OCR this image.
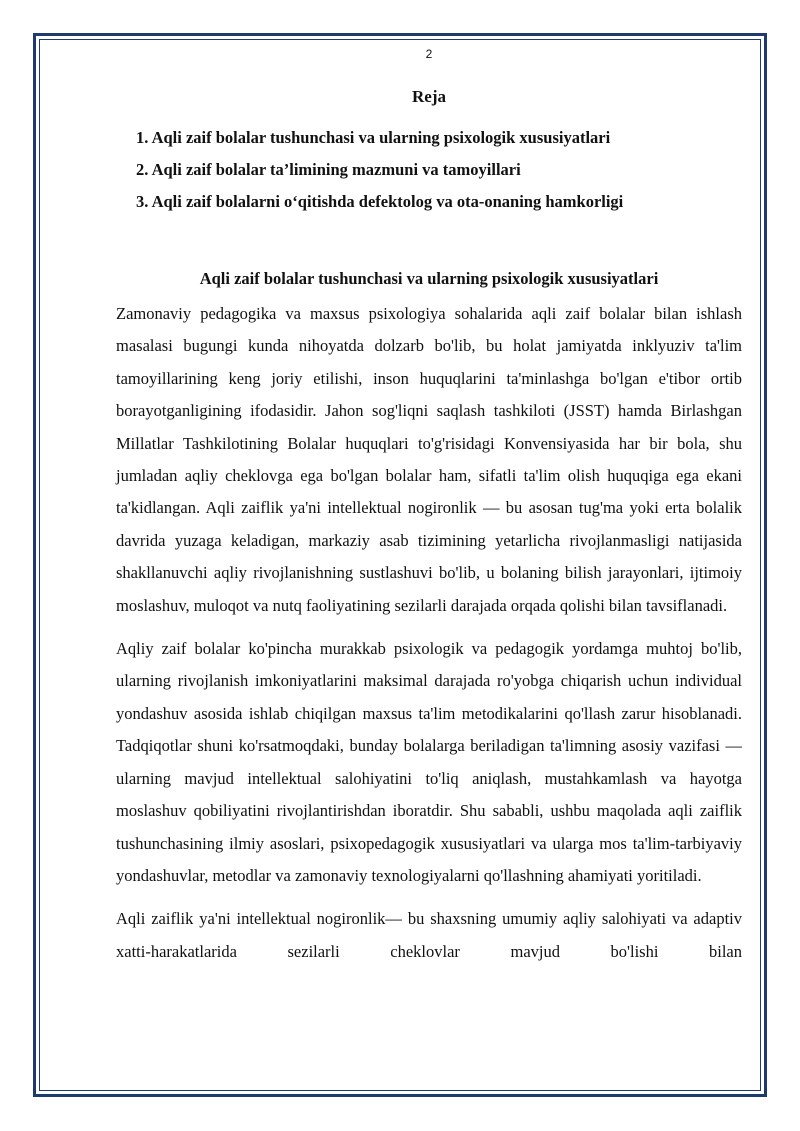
2
Reja
1. Aqli zaif bolalar tushunchasi va ularning psixologik xususiyatlari
2. Aqli zaif bolalar ta’limining mazmuni va tamoyillari
3. Aqli zaif bolalarni o‘qitishda defektolog va ota-onaning hamkorligi
Aqli zaif bolalar tushunchasi va ularning psixologik xususiyatlari

Zamonaviy pedagogika va maxsus psixologiya sohalarida aqli zaif bolalar bilan ishlash masalasi bugungi kunda nihoyatda dolzarb bo'lib, bu holat jamiyatda inklyuziv ta'lim tamoyillarining keng joriy etilishi, inson huquqlarini ta'minlashga bo'lgan e'tibor ortib borayotganligining ifodasidir. Jahon sog'liqni saqlash tashkiloti (JSST) hamda Birlashgan Millatlar Tashkilotining Bolalar huquqlari to'g'risidagi Konvensiyasida har bir bola, shu jumladan aqliy cheklovga ega bo'lgan bolalar ham, sifatli ta'lim olish huquqiga ega ekani ta'kidlangan. Aqli zaiflik ya'ni intellektual nogironlik — bu asosan tug'ma yoki erta bolalik davrida yuzaga keladigan, markaziy asab tizimining yetarlicha rivojlanmasligi natijasida shakllanuvchi aqliy rivojlanishning sustlashuvi bo'lib, u bolaning bilish jarayonlari, ijtimoiy moslashuv, muloqot va nutq faoliyatining sezilarli darajada orqada qolishi bilan tavsiflanadi.

Aqliy zaif bolalar ko'pincha murakkab psixologik va pedagogik yordamga muhtoj bo'lib, ularning rivojlanish imkoniyatlarini maksimal darajada ro'yobga chiqarish uchun individual yondashuv asosida ishlab chiqilgan maxsus ta'lim metodikalarini qo'llash zarur hisoblanadi. Tadqiqotlar shuni ko'rsatmoqdaki, bunday bolalarga beriladigan ta'limning asosiy vazifasi — ularning mavjud intellektual salohiyatini to'liq aniqlash, mustahkamlash va hayotga moslashuv qobiliyatini rivojlantirishdan iboratdir. Shu sababli, ushbu maqolada aqli zaiflik tushunchasining ilmiy asoslari, psixopedagogik xususiyatlari va ularga mos ta'lim-tarbiyaviy yondashuvlar, metodlar va zamonaviy texnologiyalarni qo'llashning ahamiyati yoritiladi.

Aqli zaiflik ya'ni intellektual nogironlik— bu shaxsning umumiy aqliy salohiyati va adaptiv xatti-harakatlarida sezilarli cheklovlar mavjud bo'lishi bilan
